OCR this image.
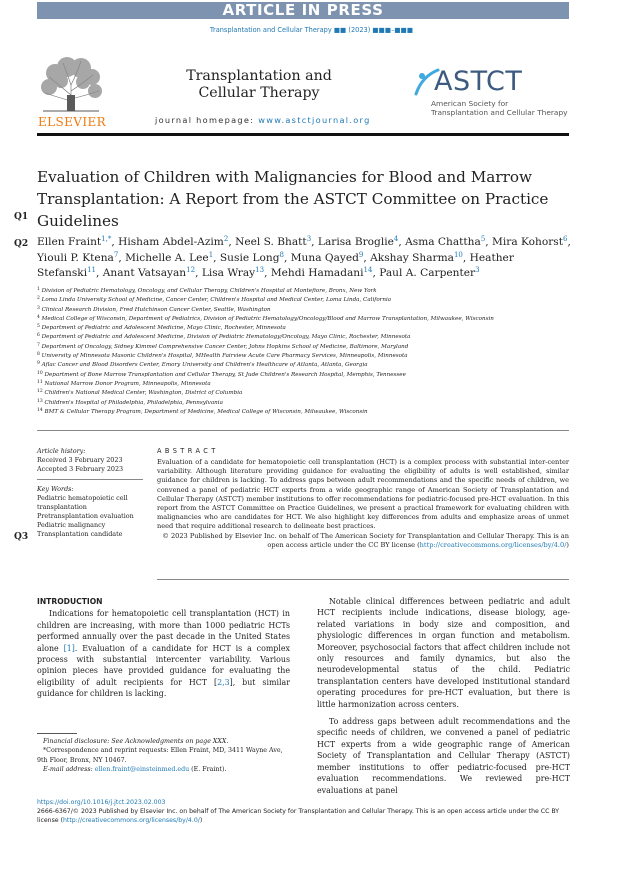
ARTICLE IN PRESS
Transplantation and Cellular Therapy ■■ (2023) ■■■–■■■
ELSEVIER
Transplantation and Cellular Therapy
journal homepage: www.astctjournal.org
ASTCT
American Society for
Transplantation and Cellular Therapy
Q1
Q2
Q3
Evaluation of Children with Malignancies for Blood and Marrow Transplantation: A Report from the ASTCT Committee on Practice Guidelines
Ellen Fraint$^{1,*}$, Hisham Abdel-Azim$^2$, Neel S. Bhatt$^3$, Larisa Broglie$^4$, Asma Chattha$^5$, Mira Kohorst$^6$, Yiouli P. Ktena$^7$, Michelle A. Lee$^1$, Susie Long$^8$, Muna Qayed$^9$, Akshay Sharma$^{10}$, Heather Stefanski$^{11}$, Anant Vatsayan$^{12}$, Lisa Wray$^{13}$, Mehdi Hamadani$^{14}$, Paul A. Carpenter$^3$
$^1$ Division of Pediatric Hematology, Oncology, and Cellular Therapy, Children's Hospital at Montefiore, Bronx, New York
$^2$ Loma Linda University School of Medicine, Cancer Center, Children's Hospital and Medical Center, Loma Linda, California
$^3$ Clinical Research Division, Fred Hutchinson Cancer Center, Seattle, Washington
$^4$ Medical College of Wisconsin, Department of Pediatrics, Division of Pediatric Hematology/Oncology/Blood and Marrow Transplantation, Milwaukee, Wisconsin
$^5$ Department of Pediatric and Adolescent Medicine, Mayo Clinic, Rochester, Minnesota
$^6$ Department of Pediatric and Adolescent Medicine, Division of Pediatric Hematology/Oncology, Mayo Clinic, Rochester, Minnesota
$^7$ Department of Oncology, Sidney Kimmel Comprehensive Cancer Center, Johns Hopkins School of Medicine, Baltimore, Maryland
$^8$ University of Minnesota Masonic Children's Hospital, MHealth Fairview Acute Care Pharmacy Services, Minneapolis, Minnesota
$^9$ Aflac Cancer and Blood Disorders Center, Emory University and Children's Healthcare of Atlanta, Atlanta, Georgia
$^{10}$ Department of Bone Marrow Transplantation and Cellular Therapy, St Jude Children's Research Hospital, Memphis, Tennessee
$^{11}$ National Marrow Donor Program, Minneapolis, Minnesota
$^{12}$ Children's National Medical Center, Washington, District of Columbia
$^{13}$ Children's Hospital of Philadelphia, Philadelphia, Pennsylvania
$^{14}$ BMT & Cellular Therapy Program, Department of Medicine, Medical College of Wisconsin, Milwaukee, Wisconsin
Article history:
Received 3 February 2023
Accepted 3 February 2023
Key Words:
Pediatric hematopoietic cell transplantation
Pretransplantation evaluation
Pediatric malignancy
Transplantation candidate
ABSTRACT
Evaluation of a candidate for hematopoietic cell transplantation (HCT) is a complex process with substantial inter-center variability. Although literature providing guidance for evaluating the eligibility of adults is well established, similar guidance for children is lacking. To address gaps between adult recommendations and the specific needs of children, we convened a panel of pediatric HCT experts from a wide geographic range of American Society of Transplantation and Cellular Therapy (ASTCT) member institutions to offer recommendations for pediatric-focused pre-HCT evaluation. In this report from the ASTCT Committee on Practice Guidelines, we present a practical framework for evaluating children with malignancies who are candidates for HCT. We also highlight key differences from adults and emphasize areas of unmet need that require additional research to delineate best practices.
© 2023 Published by Elsevier Inc. on behalf of The American Society for Transplantation and Cellular Therapy. This is an open access article under the CC BY license (http://creativecommons.org/licenses/by/4.0/)

INTRODUCTION

Indications for hematopoietic cell transplantation (HCT) in children are increasing, with more than 1000 pediatric HCTs performed annually over the past decade in the United States alone [1]. Evaluation of a candidate for HCT is a complex process with substantial intercenter variability. Various opinion pieces have provided guidance for evaluating the eligibility of adult recipients for HCT [2,3], but similar guidance for children is lacking.

Notable clinical differences between pediatric and adult HCT recipients include indications, disease biology, age-related variations in body size and composition, and physiologic differences in organ function and metabolism. Moreover, psychosocial factors that affect children include not only resources and family dynamics, but also the neurodevelopmental status of the child. Pediatric transplantation centers have developed institutional standard operating procedures for pre-HCT evaluation, but there is little harmonization across centers.

To address gaps between adult recommendations and the specific needs of children, we convened a panel of pediatric HCT experts from a wide geographic range of American Society of Transplantation and Cellular Therapy (ASTCT) member institutions to offer pediatric-focused pre-HCT evaluation recommendations. We reviewed pre-HCT evaluations at panel

Financial disclosure: See Acknowledgments on page XXX.
*Correspondence and reprint requests: Ellen Fraint, MD, 3411 Wayne Ave, 9th Floor, Bronx, NY 10467.
E-mail address: ellen.fraint@einsteinmed.edu (E. Fraint).
https://doi.org/10.1016/j.jtct.2023.02.003
2666-6367/© 2023 Published by Elsevier Inc. on behalf of The American Society for Transplantation and Cellular Therapy. This is an open access article under the CC BY license (http://creativecommons.org/licenses/by/4.0/)
